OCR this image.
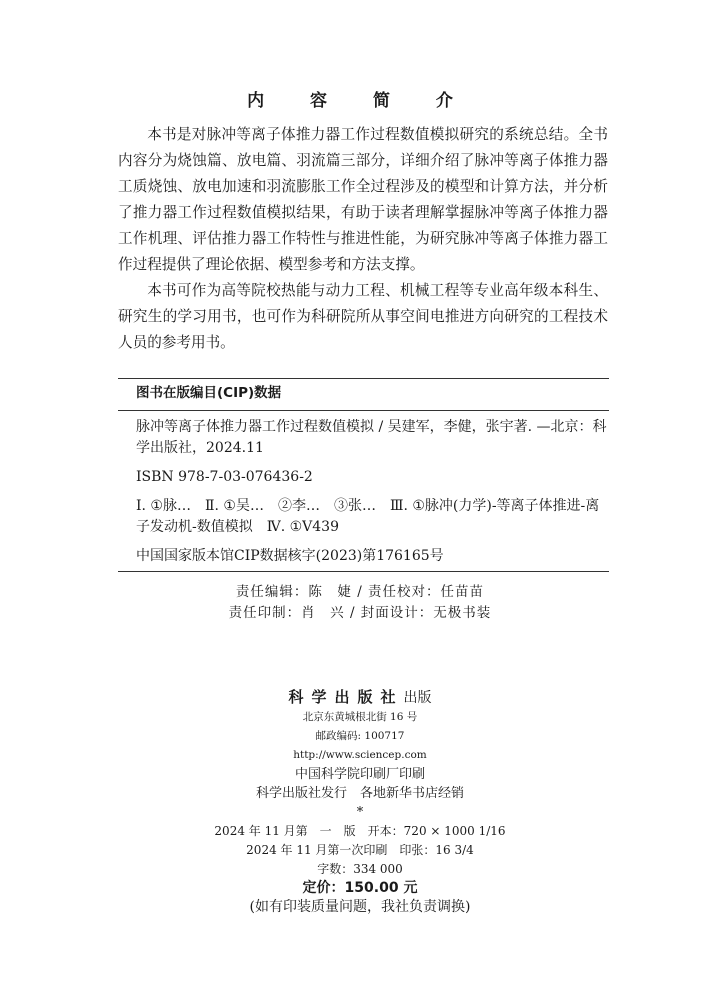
内 容 简 介

本书是对脉冲等离子体推力器工作过程数值模拟研究的系统总结。全书内容分为烧蚀篇、放电篇、羽流篇三部分，详细介绍了脉冲等离子体推力器工质烧蚀、放电加速和羽流膨胀工作全过程涉及的模型和计算方法，并分析了推力器工作过程数值模拟结果，有助于读者理解掌握脉冲等离子体推力器工作机理、评估推力器工作特性与推进性能，为研究脉冲等离子体推力器工作过程提供了理论依据、模型参考和方法支撑。

本书可作为高等院校热能与动力工程、机械工程等专业高年级本科生、研究生的学习用书，也可作为科研院所从事空间电推进方向研究的工程技术人员的参考用书。

图书在版编目(CIP)数据
脉冲等离子体推力器工作过程数值模拟 / 吴建军，李健，张宇著. —北京：科学出版社，2024.11
ISBN 978-7-03-076436-2
Ⅰ. ①脉…　Ⅱ. ①吴…　②李…　③张…　Ⅲ. ①脉冲(力学)-等离子体推进-离子发动机-数值模拟　Ⅳ. ①V439
中国国家版本馆CIP数据核字(2023)第176165号
责任编辑：陈　婕 / 责任校对：任苗苗
责任印制：肖　兴 / 封面设计：无极书装
科学出版社出版
北京东黄城根北街 16 号
邮政编码: 100717
http://www.sciencep.com
中国科学院印刷厂印刷
科学出版社发行　各地新华书店经销
*
2024 年 11 月第　一　版　开本：720 × 1000 1/16
2024 年 11 月第一次印刷　印张：16 3/4
字数：334 000
定价：150.00 元
(如有印装质量问题，我社负责调换)
